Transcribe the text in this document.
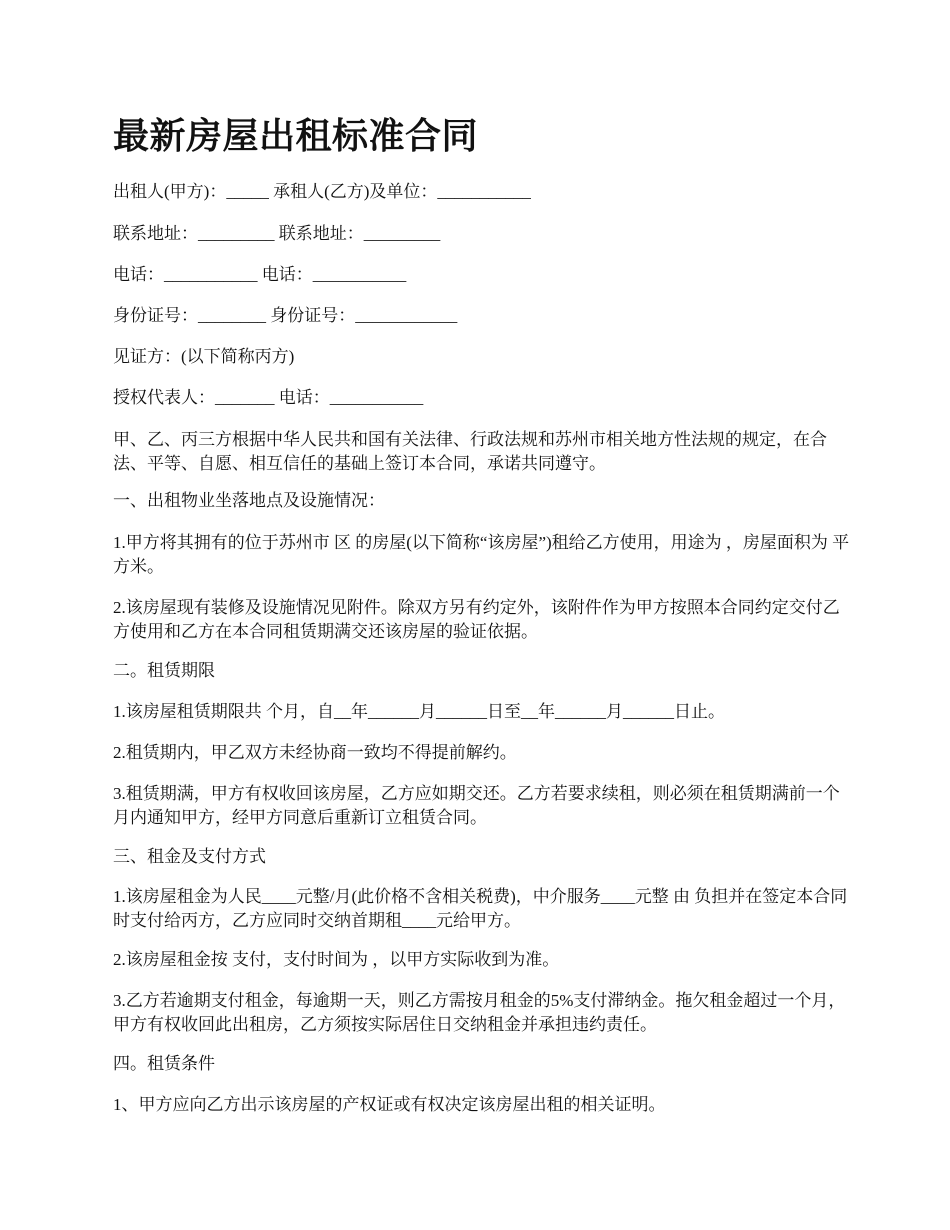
最新房屋出租标准合同

出租人(甲方)：_____ 承租人(乙方)及单位：___________

联系地址：_________ 联系地址：_________

电话：___________ 电话：___________

身份证号：________ 身份证号：____________

见证方：(以下简称丙方)

授权代表人：_______ 电话：___________

甲、乙、丙三方根据中华人民共和国有关法律、行政法规和苏州市相关地方性法规的规定，在合法、平等、自愿、相互信任的基础上签订本合同，承诺共同遵守。

一、出租物业坐落地点及设施情况：

1.甲方将其拥有的位于苏州市 区 的房屋(以下简称“该房屋”)租给乙方使用，用途为 ，房屋面积为 平方米。

2.该房屋现有装修及设施情况见附件。除双方另有约定外，该附件作为甲方按照本合同约定交付乙方使用和乙方在本合同租赁期满交还该房屋的验证依据。

二。租赁期限

1.该房屋租赁期限共 个月，自__年______月______日至__年______月______日止。

2.租赁期内，甲乙双方未经协商一致均不得提前解约。

3.租赁期满，甲方有权收回该房屋，乙方应如期交还。乙方若要求续租，则必须在租赁期满前一个月内通知甲方，经甲方同意后重新订立租赁合同。

三、租金及支付方式

1.该房屋租金为人民____元整/月(此价格不含相关税费)，中介服务____元整 由 负担并在签定本合同时支付给丙方，乙方应同时交纳首期租____元给甲方。

2.该房屋租金按 支付，支付时间为 ，以甲方实际收到为准。

3.乙方若逾期支付租金，每逾期一天，则乙方需按月租金的5%支付滞纳金。拖欠租金超过一个月，甲方有权收回此出租房，乙方须按实际居住日交纳租金并承担违约责任。

四。租赁条件

1、甲方应向乙方出示该房屋的产权证或有权决定该房屋出租的相关证明。
